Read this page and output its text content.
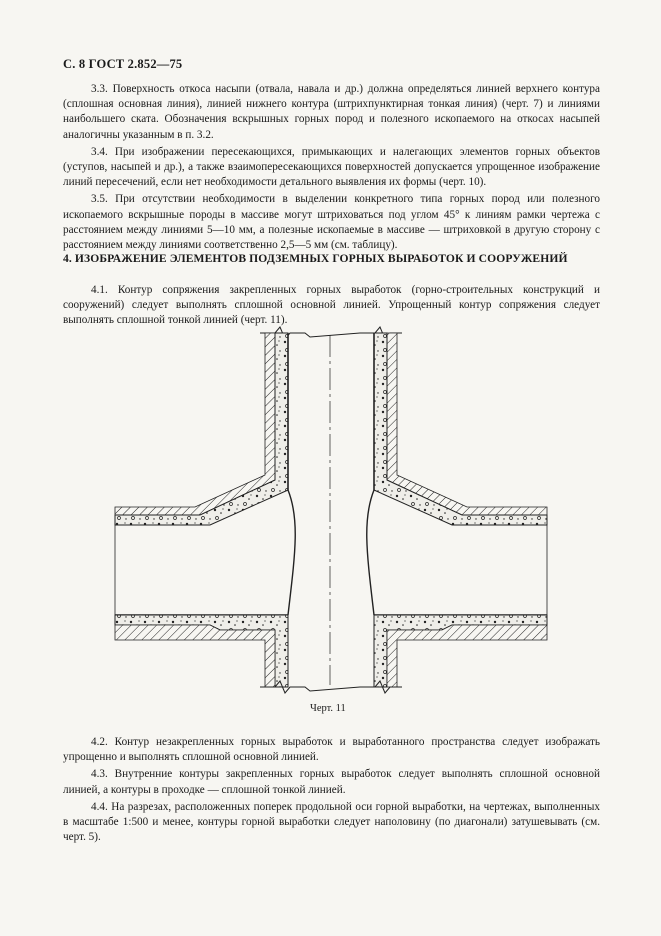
С. 8 ГОСТ 2.852—75

3.3. Поверхность откоса насыпи (отвала, навала и др.) должна определяться линией верхнего контура (сплошная основная линия), линией нижнего контура (штрихпунктирная тонкая линия) (черт. 7) и линиями наибольшего ската. Обозначения вскрышных горных пород и полезного ископаемого на откосах насыпей аналогичны указанным в п. 3.2.

3.4. При изображении пересекающихся, примыкающих и налегающих элементов горных объектов (уступов, насыпей и др.), а также взаимопересекающихся поверхностей допускается упрощенное изображение линий пересечений, если нет необходимости детального выявления их формы (черт. 10).

3.5. При отсутствии необходимости в выделении конкретного типа горных пород или полезного ископаемого вскрышные породы в массиве могут штриховаться под углом 45° к линиям рамки чертежа с расстоянием между линиями 5—10 мм, а полезные ископаемые в массиве — штриховкой в другую сторону с расстоянием между линиями соответственно 2,5—5 мм (см. таблицу).

4. ИЗОБРАЖЕНИЕ ЭЛЕМЕНТОВ ПОДЗЕМНЫХ ГОРНЫХ ВЫРАБОТОК И СООРУЖЕНИЙ

4.1. Контур сопряжения закрепленных горных выработок (горно-строительных конструкций и сооружений) следует выполнять сплошной основной линией. Упрощенный контур сопряжения следует выполнять сплошной тонкой линией (черт. 11).

Черт. 11

4.2. Контур незакрепленных горных выработок и выработанного пространства следует изображать упрощенно и выполнять сплошной основной линией.

4.3. Внутренние контуры закрепленных горных выработок следует выполнять сплошной основной линией, а контуры в проходке — сплошной тонкой линией.

4.4. На разрезах, расположенных поперек продольной оси горной выработки, на чертежах, выполненных в масштабе 1:500 и менее, контуры горной выработки следует наполовину (по диагонали) затушевывать (см. черт. 5).
